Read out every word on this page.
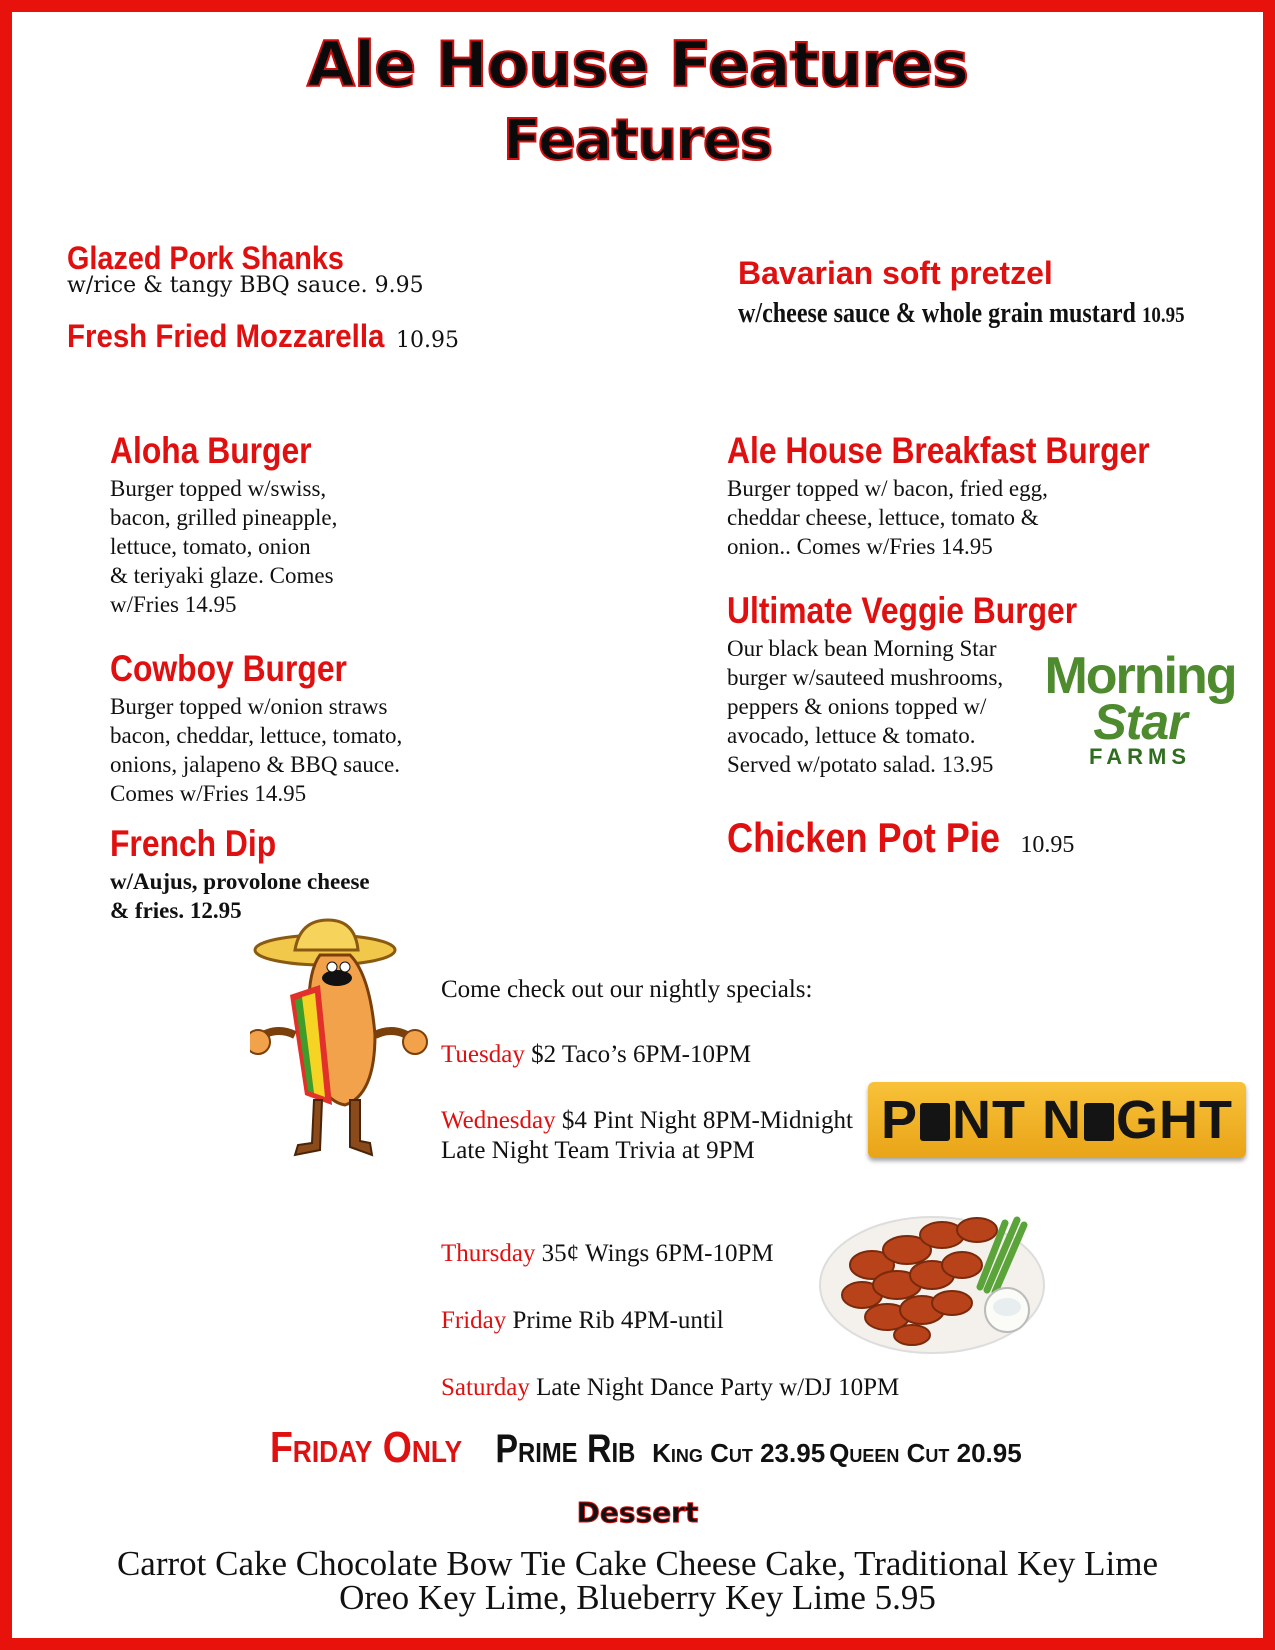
Ale House Features
Features
Glazed Pork Shanks
w/rice & tangy BBQ sauce. 9.95
Fresh Fried Mozzarella 10.95
Bavarian soft pretzel
w/cheese sauce & whole grain mustard 10.95
Aloha Burger
Burger topped w/swiss,
bacon, grilled pineapple,
lettuce, tomato, onion
& teriyaki glaze. Comes
w/Fries 14.95
Cowboy Burger
Burger topped w/onion straws
bacon, cheddar, lettuce, tomato,
onions, jalapeno & BBQ sauce.
Comes w/Fries 14.95
French Dip
w/Aujus, provolone cheese
& fries. 12.95
Ale House Breakfast Burger
Burger topped w/ bacon, fried egg,
cheddar cheese, lettuce, tomato &
onion.. Comes w/Fries 14.95
Ultimate Veggie Burger
Our black bean Morning Star
burger w/sauteed mushrooms,
peppers & onions topped w/
avocado, lettuce & tomato.
Served w/potato salad. 13.95
Chicken Pot Pie 10.95
Morning
Star
FARMS
Come check out our nightly specials:
Tuesday $2 Taco’s 6PM-10PM
Wednesday $4 Pint Night 8PM-Midnight
Late Night Team Trivia at 9PM
Thursday 35¢ Wings 6PM-10PM
Friday Prime Rib 4PM-until
Saturday Late Night Dance Party w/DJ 10PM
P NT N GHT
Friday Only Prime Rib King Cut 23.95 Queen Cut 20.95
Dessert
Carrot Cake Chocolate Bow Tie Cake Cheese Cake, Traditional Key Lime
Oreo Key Lime, Blueberry Key Lime 5.95
